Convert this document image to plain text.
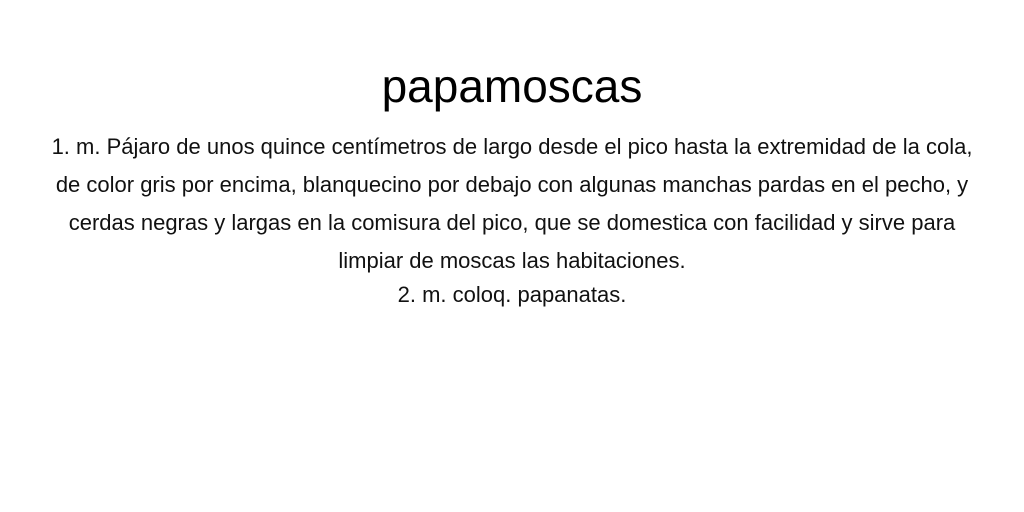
papamoscas
1. m. Pájaro de unos quince centímetros de largo desde el pico hasta la extremidad de la cola, de color gris por encima, blanquecino por debajo con algunas manchas pardas en el pecho, y cerdas negras y largas en la comisura del pico, que se domestica con facilidad y sirve para limpiar de moscas las habitaciones.
2. m. coloq. papanatas.
